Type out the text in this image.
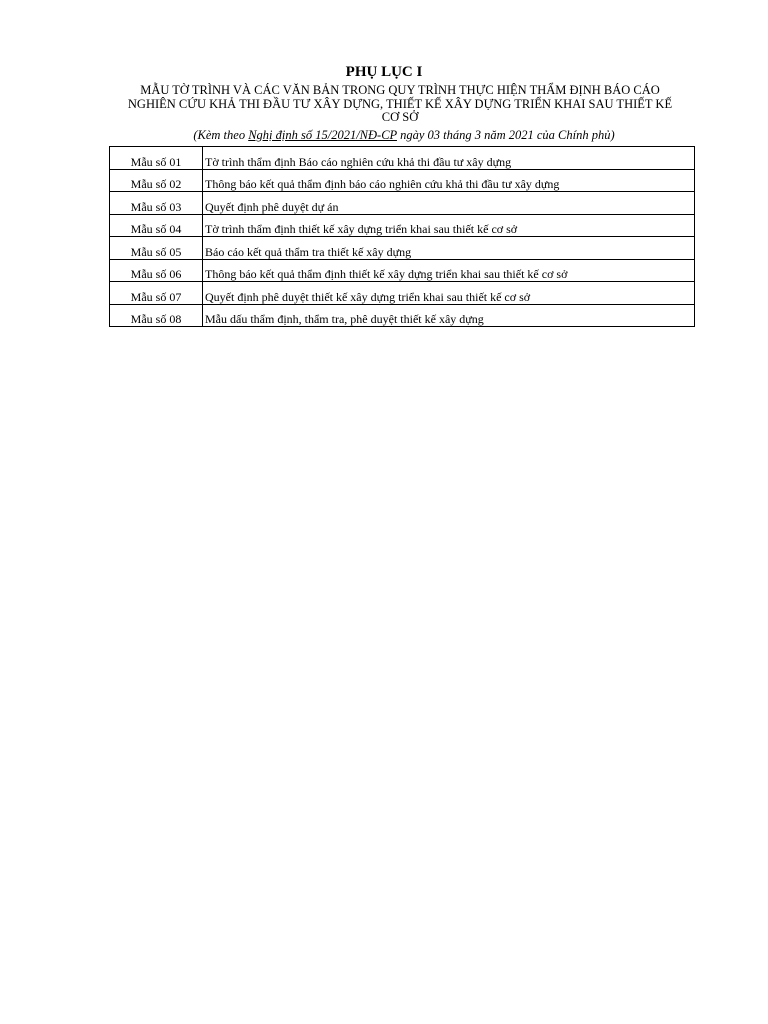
PHỤ LỤC I
MẪU TỜ TRÌNH VÀ CÁC VĂN BẢN TRONG QUY TRÌNH THỰC HIỆN THẨM ĐỊNH BÁO CÁO
NGHIÊN CỨU KHẢ THI ĐẦU TƯ XÂY DỰNG, THIẾT KẾ XÂY DỰNG TRIỂN KHAI SAU THIẾT KẾ
CƠ SỞ
(Kèm theo Nghị định số 15/2021/NĐ-CP ngày 03 tháng 3 năm 2021 của Chính phủ)
Mẫu số 01	Tờ trình thẩm định Báo cáo nghiên cứu khả thi đầu tư xây dựng
Mẫu số 02	Thông báo kết quả thẩm định báo cáo nghiên cứu khả thi đầu tư xây dựng
Mẫu số 03	Quyết định phê duyệt dự án
Mẫu số 04	Tờ trình thẩm định thiết kế xây dựng triển khai sau thiết kế cơ sở
Mẫu số 05	Báo cáo kết quả thẩm tra thiết kế xây dựng
Mẫu số 06	Thông báo kết quả thẩm định thiết kế xây dựng triển khai sau thiết kế cơ sở
Mẫu số 07	Quyết định phê duyệt thiết kế xây dựng triển khai sau thiết kế cơ sở
Mẫu số 08	Mẫu dấu thẩm định, thẩm tra, phê duyệt thiết kế xây dựng
